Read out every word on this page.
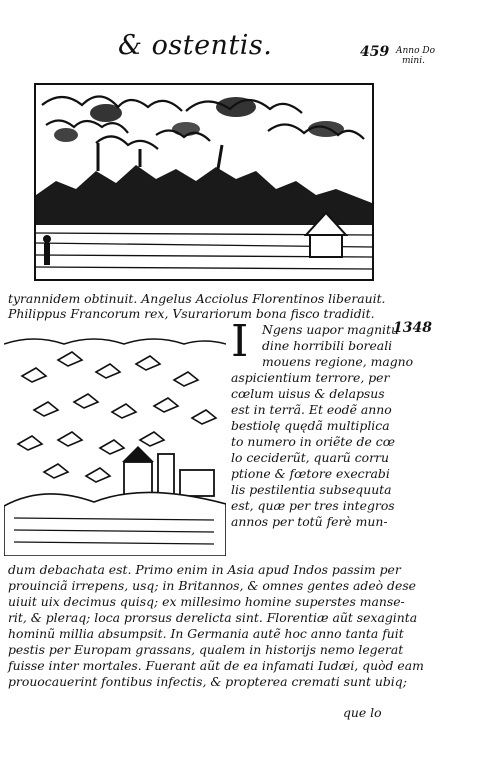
& ostentis.	459 Anno Do
mini.
tyrannidem obtinuit. Angelus Acciolus Florentinos liberauit.
Philippus Francorum rex, Vsurariorum bona fisco tradidit.
1348
I Ngens uapor magnitu
dine horribili boreali
mouens regione, magno
aspicientium terrore, per
cœlum uisus & delapsus
est in terrã. Et eodẽ anno
bestiolę quędã multiplica
to numero in oriẽte de cœ
lo ceciderũt, quarũ corru
ptione & fœtore execrabi
lis pestilentia subsequuta
est, quæ per tres integros
annos per totũ ferè mun-
dum debachata est. Primo enim in Asia apud Indos passim per
prouinciã irrepens, usq; in Britannos, & omnes gentes adeò dese
uiuit uix decimus quisq; ex millesimo homine superstes manse-
rit, & pleraq; loca prorsus derelicta sint. Florentiæ aũt sexaginta
hominũ millia absumpsit. In Germania autẽ hoc anno tanta fuit
pestis per Europam grassans, qualem in historijs nemo legerat
fuisse inter mortales. Fuerant aũt de ea infamati Iudæi, quòd eam
prouocauerint fontibus infectis, & propterea cremati sunt ubiq;
que lo
